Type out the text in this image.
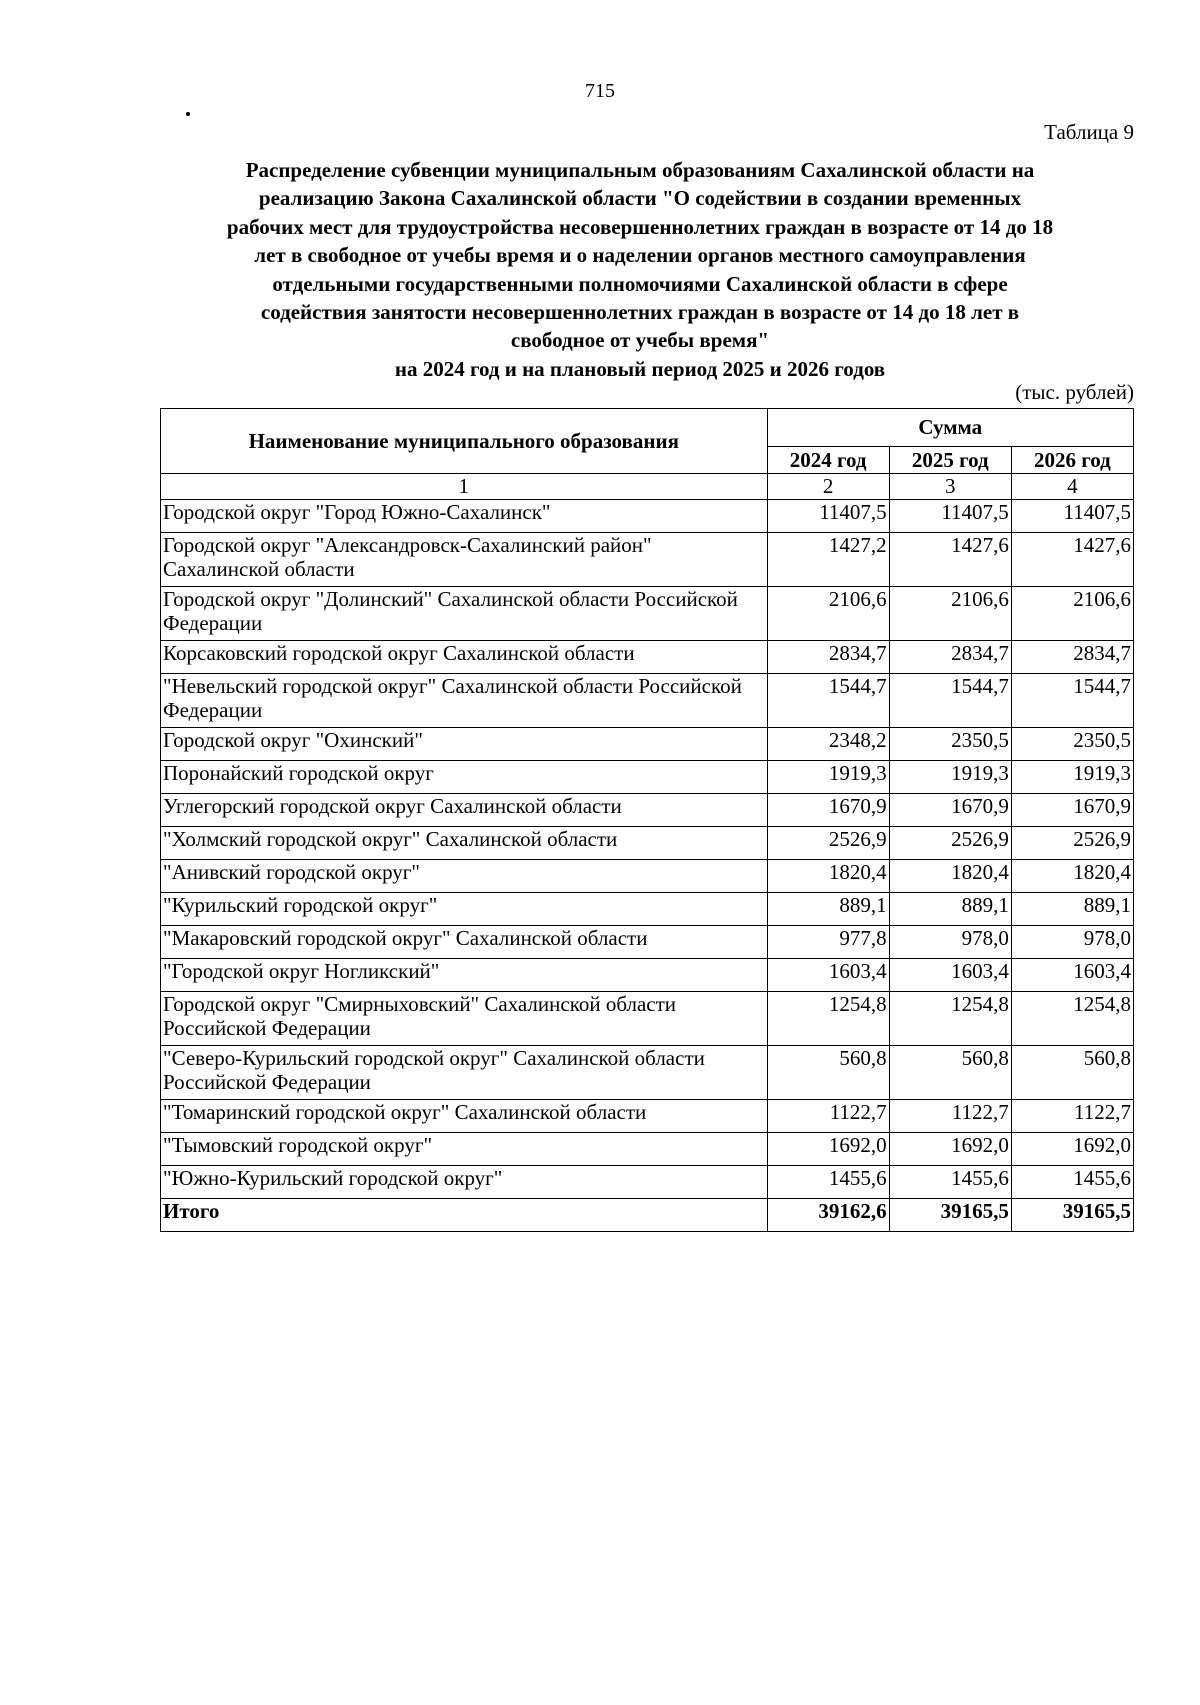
715
Таблица 9
Распределение субвенции муниципальным образованиям Сахалинской области на
реализацию Закона Сахалинской области "О содействии в создании временных
рабочих мест для трудоустройства несовершеннолетних граждан в возрасте от 14 до 18
лет в свободное от учебы время и о наделении органов местного самоуправления
отдельными государственными полномочиями Сахалинской области в сфере
содействия занятости несовершеннолетних граждан в возрасте от 14 до 18 лет в
свободное от учебы время"
на 2024 год и на плановый период 2025 и 2026 годов
(тыс. рублей)
Наименование муниципального образования	Сумма		
	2024 год	2025 год	2026 год
1	2	3	4
Городской округ "Город Южно-Сахалинск"	11407,5	11407,5	11407,5
Городской округ "Александровск-Сахалинский район" Сахалинской области	1427,2	1427,6	1427,6
Городской округ "Долинский" Сахалинской области Российской Федерации	2106,6	2106,6	2106,6
Корсаковский городской округ Сахалинской области	2834,7	2834,7	2834,7
"Невельский городской округ" Сахалинской области Российской Федерации	1544,7	1544,7	1544,7
Городской округ "Охинский"	2348,2	2350,5	2350,5
Поронайский городской округ	1919,3	1919,3	1919,3
Углегорский городской округ Сахалинской области	1670,9	1670,9	1670,9
"Холмский городской округ" Сахалинской области	2526,9	2526,9	2526,9
"Анивский городской округ"	1820,4	1820,4	1820,4
"Курильский городской округ"	889,1	889,1	889,1
"Макаровский городской округ" Сахалинской области	977,8	978,0	978,0
"Городской округ Ногликский"	1603,4	1603,4	1603,4
Городской округ "Смирныховский" Сахалинской области Российской Федерации	1254,8	1254,8	1254,8
"Северо-Курильский городской округ" Сахалинской области Российской Федерации	560,8	560,8	560,8
"Томаринский городской округ" Сахалинской области	1122,7	1122,7	1122,7
"Тымовский городской округ"	1692,0	1692,0	1692,0
"Южно-Курильский городской округ"	1455,6	1455,6	1455,6
Итого	39162,6	39165,5	39165,5
